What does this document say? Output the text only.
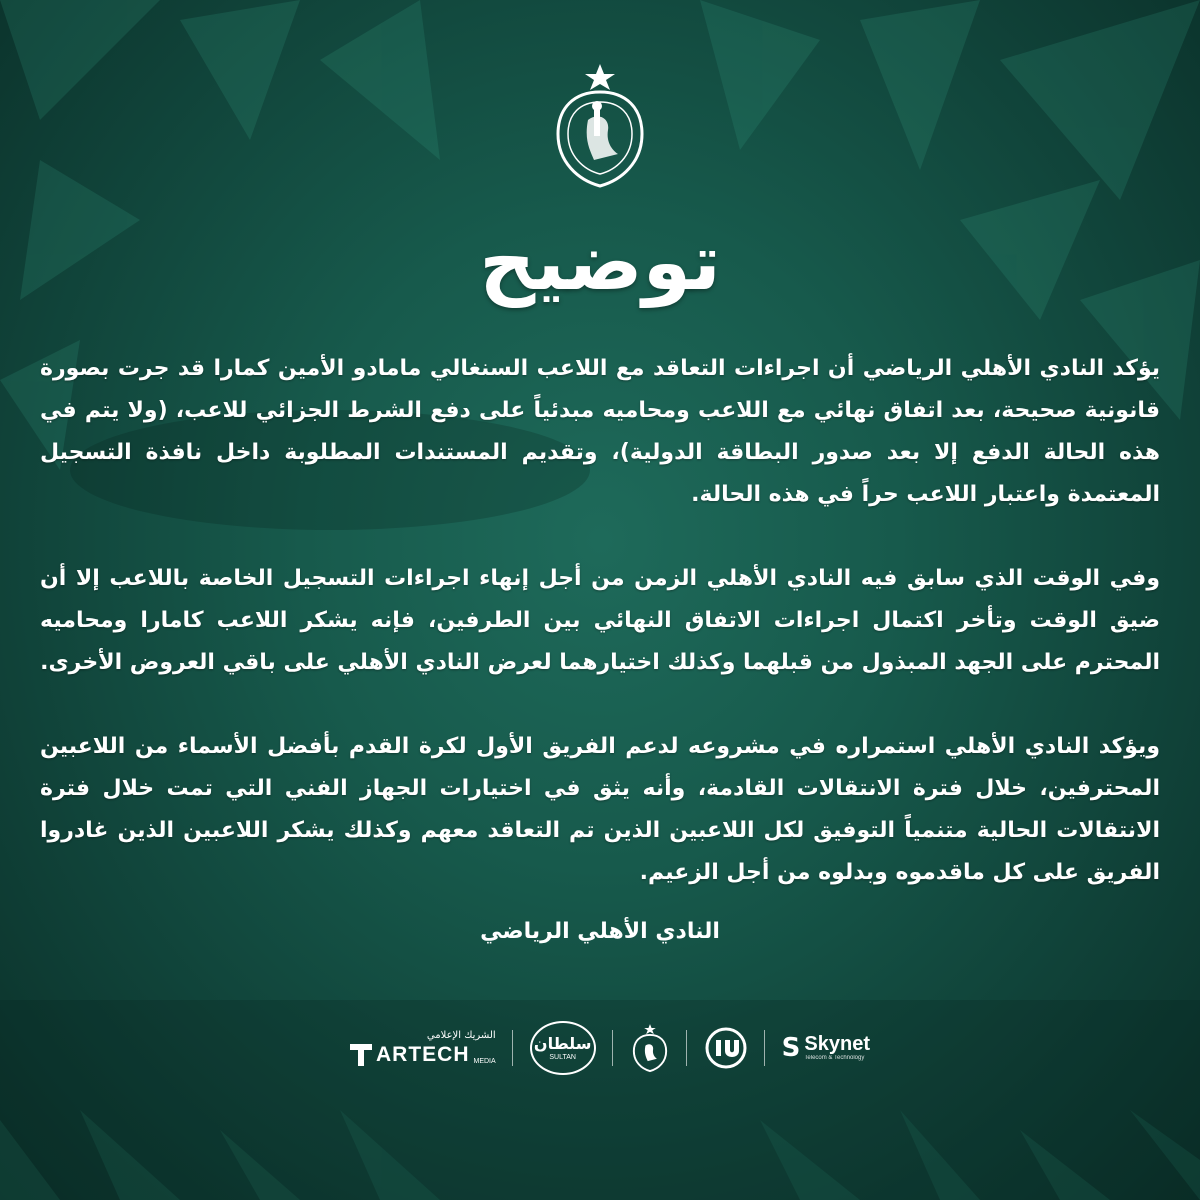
توضيح

يؤكد النادي الأهلي الرياضي أن اجراءات التعاقد مع اللاعب السنغالي مامادو الأمين كمارا قد جرت بصورة قانونية صحيحة، بعد اتفاق نهائي مع اللاعب ومحاميه مبدئياً على دفع الشرط الجزائي للاعب، (ولا يتم في هذه الحالة الدفع إلا بعد صدور البطاقة الدولية)، وتقديم المستندات المطلوبة داخل نافذة التسجيل المعتمدة واعتبار اللاعب حراً في هذه الحالة.

وفي الوقت الذي سابق فيه النادي الأهلي الزمن من أجل إنهاء اجراءات التسجيل الخاصة باللاعب إلا أن ضيق الوقت وتأخر اكتمال اجراءات الاتفاق النهائي بين الطرفين، فإنه يشكر اللاعب كامارا ومحاميه المحترم على الجهد المبذول من قبلهما وكذلك اختيارهما لعرض النادي الأهلي على باقي العروض الأخرى.

ويؤكد النادي الأهلي استمراره في مشروعه لدعم الفريق الأول لكرة القدم بأفضل الأسماء من اللاعبين المحترفين، خلال فترة الانتقالات القادمة، وأنه يثق في اختيارات الجهاز الفني التي تمت خلال فترة الانتقالات الحالية متنمياً التوفيق لكل اللاعبين الذين تم التعاقد معهم وكذلك يشكر اللاعبين الذين غادروا الفريق على كل ماقدموه وبدلوه من أجل الزعيم.

النادي الأهلي الرياضي
الشريك الإعلامي
ARTECH MEDIA
سلطان
SULTAN	S Skynet
Telecom & Technology
